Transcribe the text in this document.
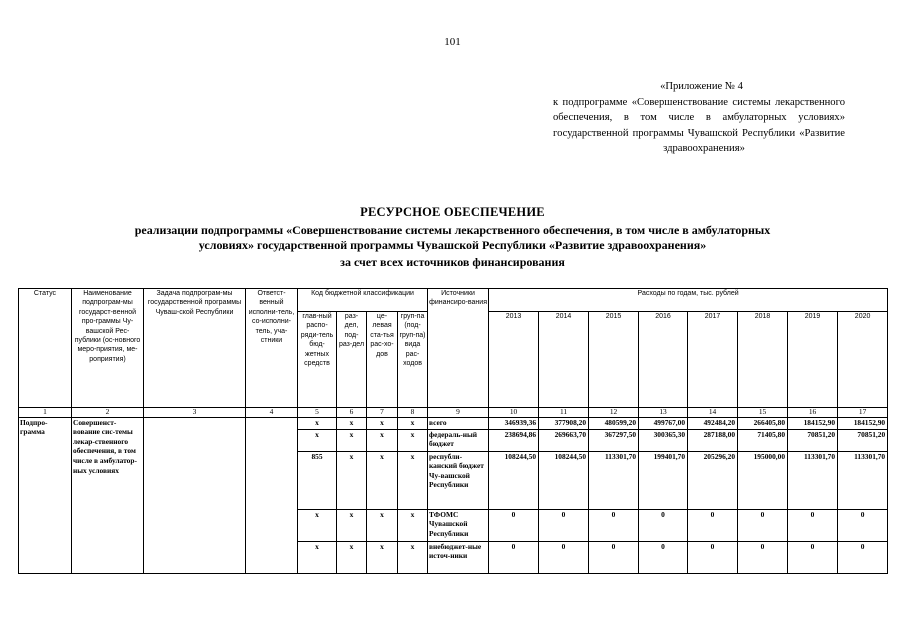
101
«Приложение № 4
к подпрограмме «Совершенствование системы лекарственного обеспечения, в том числе в амбулаторных условиях» государственной программы Чувашской Республики «Развитие
здравоохранения»
РЕСУРСНОЕ ОБЕСПЕЧЕНИЕ
реализации подпрограммы «Совершенствование системы лекарственного обеспечения, в том числе в амбулаторных
условиях» государственной программы Чувашской Республики «Развитие здравоохранения»
за счет всех источников финансирования
Статус	Наименование подпрограм-мы государст-венной про-граммы Чу-вашской Рес-публики (ос-новного меро-приятия, ме-роприятия)	Задача подпрограм-мы государственной программы Чуваш-ской Республики	Ответст-венный исполни-тель, со-исполни-тель, уча-стники	Код бюджетной классификации				Источники финансиро-вания	Расходы по годам, тыс. рублей							
				глав-ный распо-ряди-тель бюд-жетных средств	раз-дел, под-раз-дел	це-левая ста-тья рас-хо-дов	груп-па (под-груп-па) вида рас-ходов		2013	2014	2015	2016	2017	2018	2019	2020
1	2	3	4	5	6	7	8	9	10	11	12	13	14	15	16	17
Подпро-грамма	Совершенст-вование сис-темы лекар-ственного обеспечения, в том числе в амбулатор-ных условиях			x	x	x	x	всего	346939,36	377908,20	480599,20	499767,00	492484,20	266405,80	184152,90	184152,90
				x	x	x	x	федераль-ный бюджет	238694,86	269663,70	367297,50	300365,30	287188,00	71405,80	70851,20	70851,20
				855	x	x	x	республи-канский бюджет Чу-вашской Республики	108244,50	108244,50	113301,70	199401,70	205296,20	195000,00	113301,70	113301,70
				x	x	x	x	ТФОМС Чувашской Республики	0	0	0	0	0	0	0	0
				x	x	x	x	внебюджет-ные источ-ники	0	0	0	0	0	0	0	0
